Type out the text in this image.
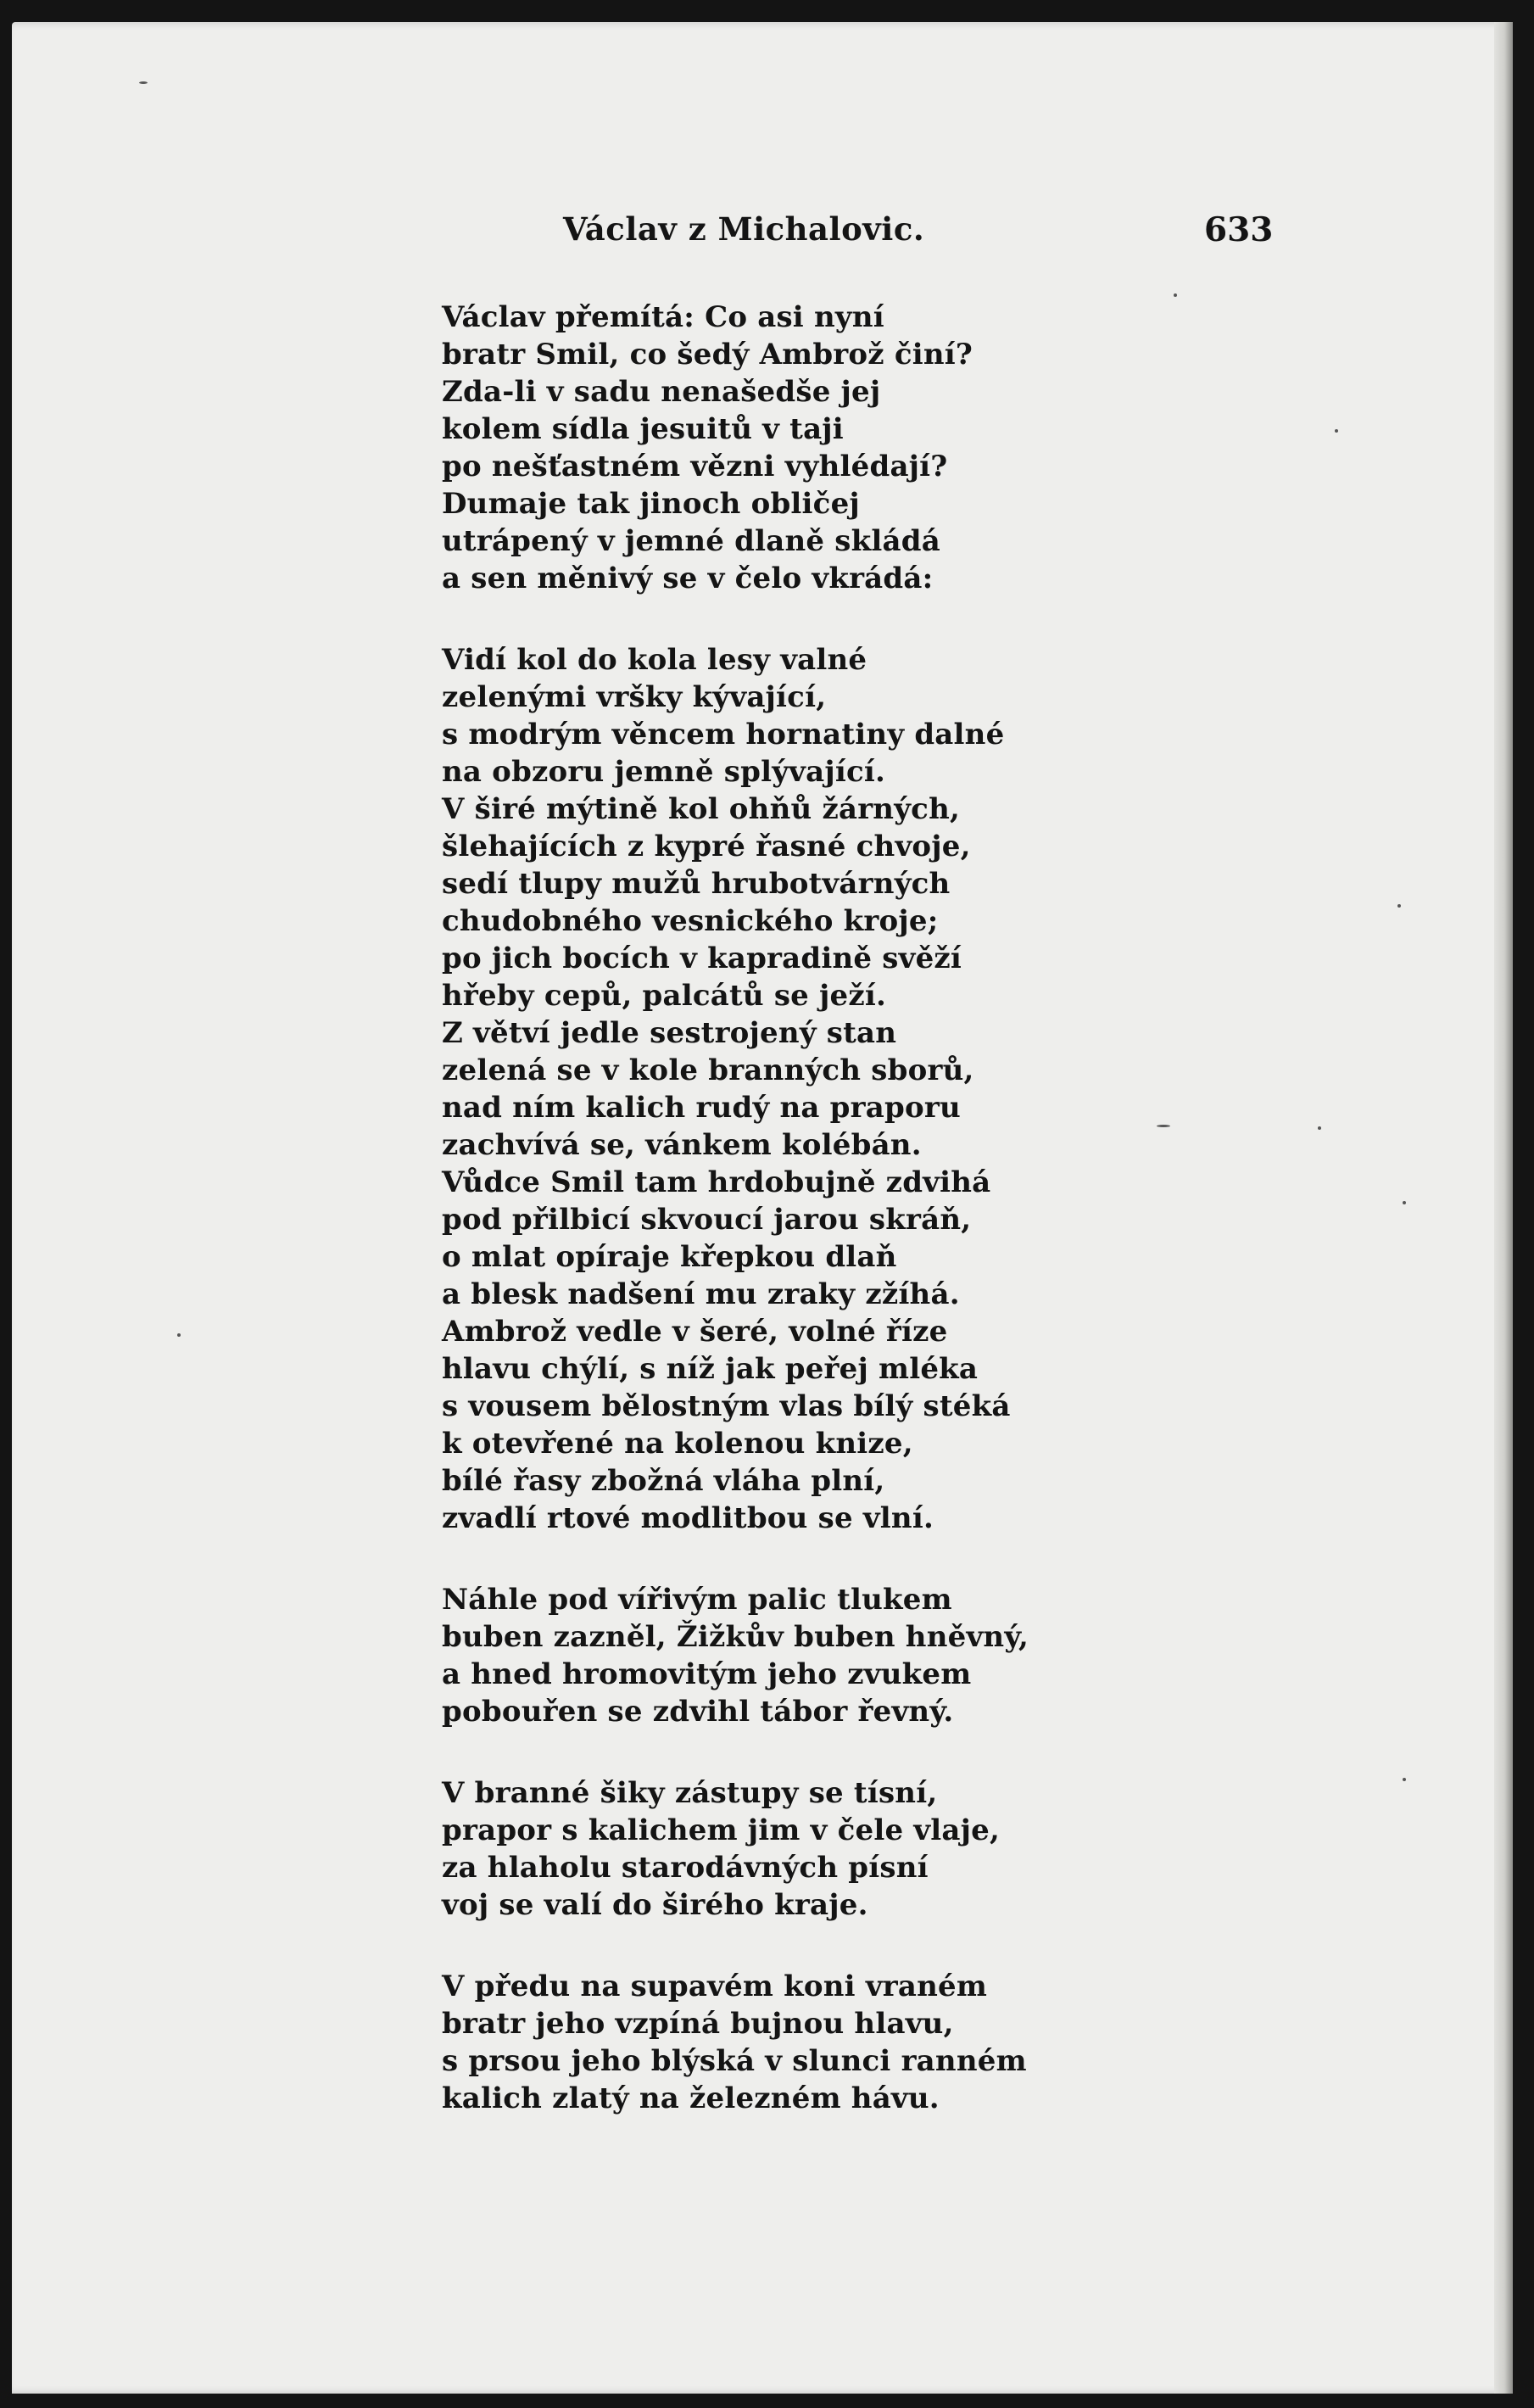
Václav z Michalovic.	633
Václav přemítá: Co asi nyní
bratr Smil, co šedý Ambrož činí?
Zda-li v sadu nenašedše jej
kolem sídla jesuitů v taji
po nešťastném vězni vyhlédají?
Dumaje tak jinoch obličej
utrápený v jemné dlaně skládá
a sen měnivý se v čelo vkrádá:
Vidí kol do kola lesy valné
zelenými vršky kývající,
s modrým věncem hornatiny dalné
na obzoru jemně splývající.
V širé mýtině kol ohňů žárných,
šlehajících z kypré řasné chvoje,
sedí tlupy mužů hrubotvárných
chudobného vesnického kroje;
po jich bocích v kapradině svěží
hřeby cepů, palcátů se ježí.
Z větví jedle sestrojený stan
zelená se v kole branných sborů,
nad ním kalich rudý na praporu
zachvívá se, vánkem kolébán.
Vůdce Smil tam hrdobujně zdvihá
pod přilbicí skvoucí jarou skráň,
o mlat opíraje křepkou dlaň
a blesk nadšení mu zraky zžíhá.
Ambrož vedle v šeré, volné říze
hlavu chýlí, s níž jak peřej mléka
s vousem bělostným vlas bílý stéká
k otevřené na kolenou knize,
bílé řasy zbožná vláha plní,
zvadlí rtové modlitbou se vlní.
Náhle pod vířivým palic tlukem
buben zazněl, Žižkův buben hněvný,
a hned hromovitým jeho zvukem
pobouřen se zdvihl tábor řevný.
V branné šiky zástupy se tísní,
prapor s kalichem jim v čele vlaje,
za hlaholu starodávných písní
voj se valí do širého kraje.
V předu na supavém koni vraném
bratr jeho vzpíná bujnou hlavu,
s prsou jeho blýská v slunci ranném
kalich zlatý na železném hávu.
